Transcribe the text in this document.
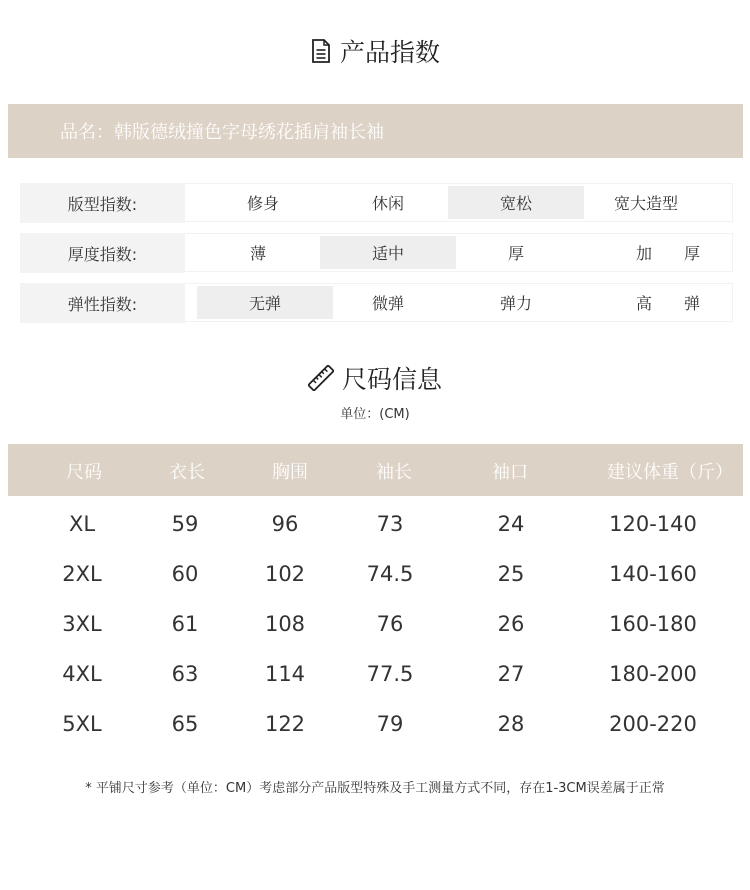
产品指数
品名：韩版德绒撞色字母绣花插肩袖长袖
版型指数:	修身	休闲	宽松	宽大造型
厚度指数:	薄	适中	厚	加　　厚
弹性指数:	无弹	微弹	弹力	高　　弹
尺码信息
单位：(CM)
尺码	衣长	胸围	袖长	袖口	建议体重（斤）
XL	59	96	73	24	120-140
2XL	60	102	74.5	25	140-160
3XL	61	108	76	26	160-180
4XL	63	114	77.5	27	180-200
5XL	65	122	79	28	200-220
* 平铺尺寸参考（单位：CM）考虑部分产品版型特殊及手工测量方式不同，存在1-3CM误差属于正常
